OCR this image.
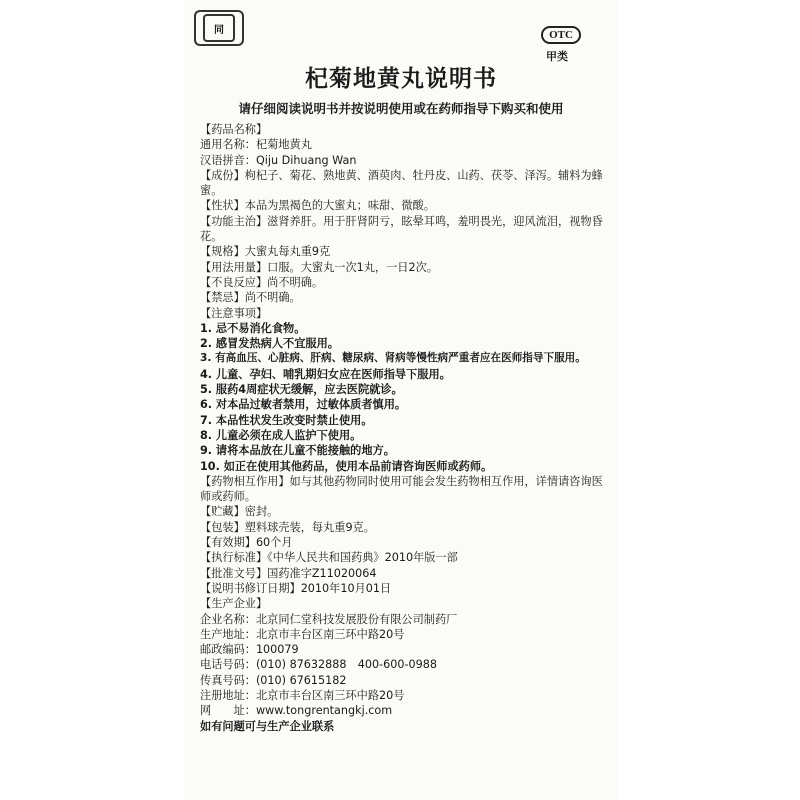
同	OTC
甲类
杞菊地黄丸说明书
请仔细阅读说明书并按说明使用或在药师指导下购买和使用
【药品名称】
通用名称：杞菊地黄丸
汉语拼音：Qiju Dihuang Wan
【成份】枸杞子、菊花、熟地黄、酒萸肉、牡丹皮、山药、茯苓、泽泻。辅料为蜂蜜。
【性状】本品为黑褐色的大蜜丸；味甜、微酸。
【功能主治】滋肾养肝。用于肝肾阴亏，眩晕耳鸣，羞明畏光，迎风流泪，视物昏花。
【规格】大蜜丸每丸重9克
【用法用量】口服。大蜜丸一次1丸，一日2次。
【不良反应】尚不明确。
【禁忌】尚不明确。
【注意事项】
1. 忌不易消化食物。
2. 感冒发热病人不宜服用。
3. 有高血压、心脏病、肝病、糖尿病、肾病等慢性病严重者应在医师指导下服用。
4. 儿童、孕妇、哺乳期妇女应在医师指导下服用。
5. 服药4周症状无缓解，应去医院就诊。
6. 对本品过敏者禁用，过敏体质者慎用。
7. 本品性状发生改变时禁止使用。
8. 儿童必须在成人监护下使用。
9. 请将本品放在儿童不能接触的地方。
10. 如正在使用其他药品，使用本品前请咨询医师或药师。
【药物相互作用】如与其他药物同时使用可能会发生药物相互作用，详情请咨询医师或药师。
【贮藏】密封。
【包装】塑料球壳装，每丸重9克。
【有效期】60个月
【执行标准】《中华人民共和国药典》2010年版一部
【批准文号】国药准字Z11020064
【说明书修订日期】2010年10月01日
【生产企业】
企业名称：北京同仁堂科技发展股份有限公司制药厂
生产地址：北京市丰台区南三环中路20号
邮政编码：100079
电话号码：(010) 87632888　400-600-0988
传真号码：(010) 67615182
注册地址：北京市丰台区南三环中路20号
网　　址：www.tongrentangkj.com
如有问题可与生产企业联系
